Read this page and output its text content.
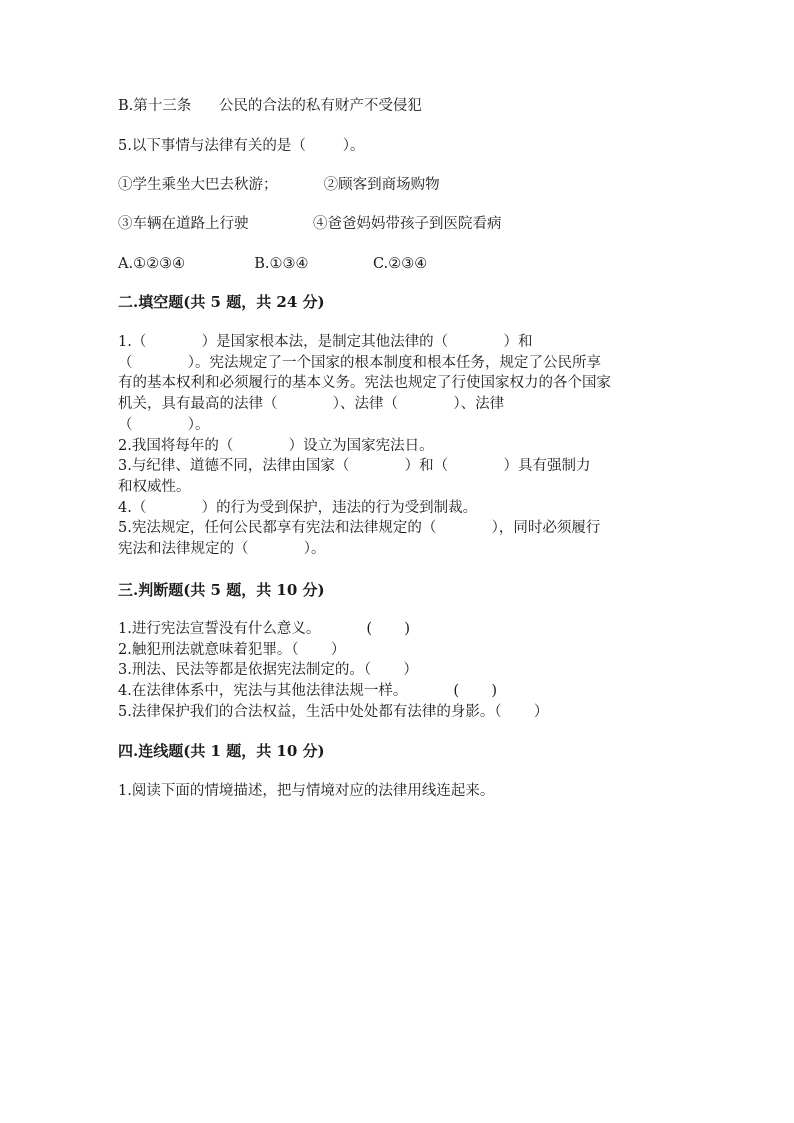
B.第十三条      公民的合法的私有财产不受侵犯
5.以下事情与法律有关的是（        ）。
①学生乘坐大巴去秋游；          ②顾客到商场购物
③车辆在道路上行驶              ④爸爸妈妈带孩子到医院看病
A.①②③④               B.①③④              C.②③④
二.填空题(共 5 题，共 24 分)
1.（            ）是国家根本法，是制定其他法律的（            ）和
（            ）。宪法规定了一个国家的根本制度和根本任务，规定了公民所享
有的基本权利和必须履行的基本义务。宪法也规定了行使国家权力的各个国家
机关，具有最高的法律（            ）、法律（            ）、法律
（            ）。
2.我国将每年的（            ）设立为国家宪法日。
3.与纪律、道德不同，法律由国家（            ）和（            ）具有强制力
和权威性。
4.（            ）的行为受到保护，违法的行为受到制裁。
5.宪法规定，任何公民都享有宪法和法律规定的（            ），同时必须履行
宪法和法律规定的（            ）。
三.判断题(共 5 题，共 10 分)
1.进行宪法宣誓没有什么意义。          (       )
2.触犯刑法就意味着犯罪。（       ）
3.刑法、民法等都是依据宪法制定的。（       ）
4.在法律体系中，宪法与其他法律法规一样。          (       )
5.法律保护我们的合法权益，生活中处处都有法律的身影。（       ）
四.连线题(共 1 题，共 10 分)
1.阅读下面的情境描述，把与情境对应的法律用线连起来。
